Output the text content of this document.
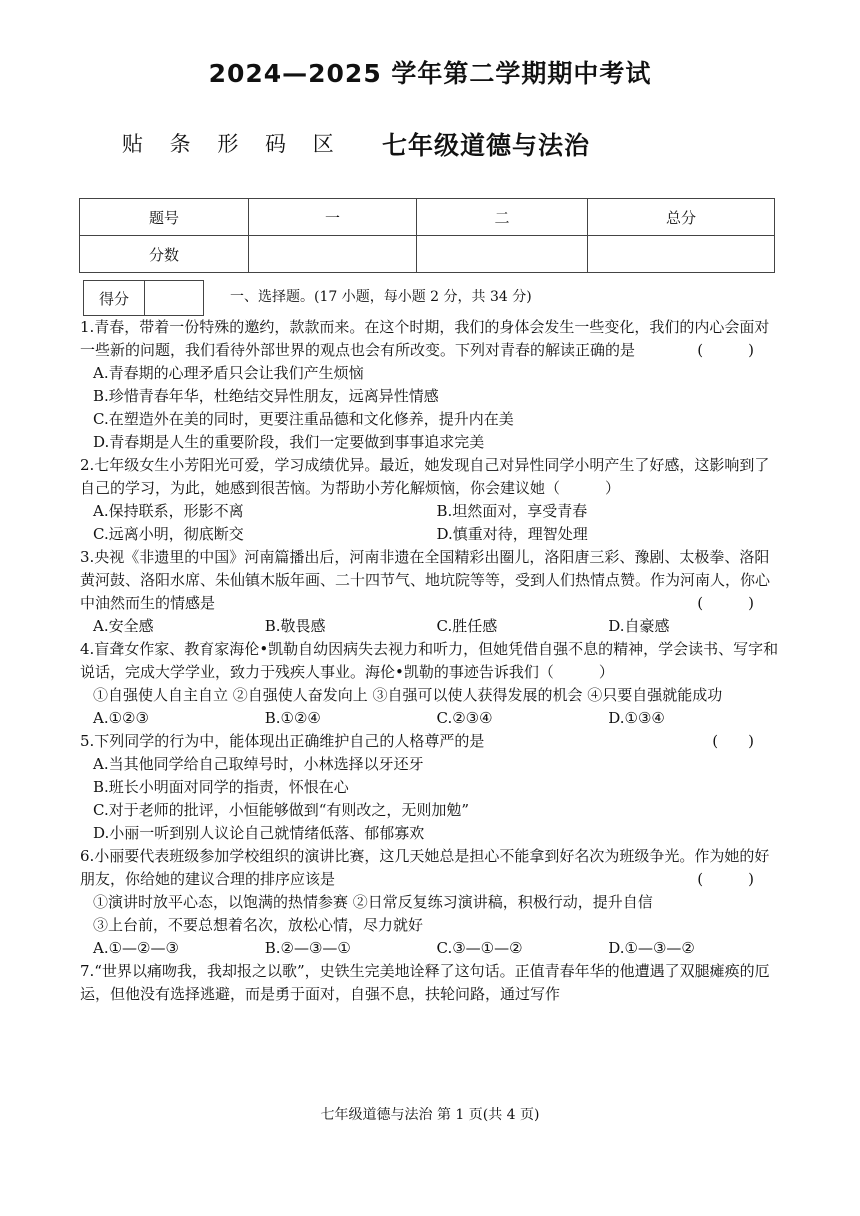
2024—2025 学年第二学期期中考试
贴 条 形 码 区 七年级道德与法治
题号	一	二	总分
分数			
得分		一、选择题。(17 小题，每小题 2 分，共 34 分)
1.青春，带着一份特殊的邀约，款款而来。在这个时期，我们的身体会发生一些变化，我们的内心会面对一些新的问题，我们看待外部世界的观点也会有所改变。下列对青春的解读正确的是	(　　　)
A.青春期的心理矛盾只会让我们产生烦恼
B.珍惜青春年华，杜绝结交异性朋友，远离异性情感
C.在塑造外在美的同时，更要注重品德和文化修养，提升内在美
D.青春期是人生的重要阶段，我们一定要做到事事追求完美
2.七年级女生小芳阳光可爱，学习成绩优异。最近，她发现自己对异性同学小明产生了好感，这影响到了自己的学习，为此，她感到很苦恼。为帮助小芳化解烦恼，你会建议她（　　　）
A.保持联系，形影不离	B.坦然面对，享受青春
C.远离小明，彻底断交	D.慎重对待，理智处理
3.央视《非遗里的中国》河南篇播出后，河南非遗在全国精彩出圈儿，洛阳唐三彩、豫剧、太极拳、洛阳黄河鼓、洛阳水席、朱仙镇木版年画、二十四节气、地坑院等等，受到人们热情点赞。作为河南人，你心中油然而生的情感是	(　　　)
A.安全感	B.敬畏感	C.胜任感	D.自豪感
4.盲聋女作家、教育家海伦•凯勒自幼因病失去视力和听力，但她凭借自强不息的精神，学会读书、写字和说话，完成大学学业，致力于残疾人事业。海伦•凯勒的事迹告诉我们（　　　）
①自强使人自主自立 ②自强使人奋发向上 ③自强可以使人获得发展的机会 ④只要自强就能成功
A.①②③	B.①②④	C.②③④	D.①③④
5.下列同学的行为中，能体现出正确维护自己的人格尊严的是	(　　)
A.当其他同学给自己取绰号时，小林选择以牙还牙
B.班长小明面对同学的指责，怀恨在心
C.对于老师的批评，小恒能够做到“有则改之，无则加勉”
D.小丽一听到别人议论自己就情绪低落、郁郁寡欢
6.小丽要代表班级参加学校组织的演讲比赛，这几天她总是担心不能拿到好名次为班级争光。作为她的好朋友，你给她的建议合理的排序应该是	(　　　)
①演讲时放平心态，以饱满的热情参赛 ②日常反复练习演讲稿，积极行动，提升自信
③上台前，不要总想着名次，放松心情，尽力就好
A.①—②—③	B.②—③—①	C.③—①—②	D.①—③—②
7.“世界以痛吻我，我却报之以歌”，史铁生完美地诠释了这句话。正值青春年华的他遭遇了双腿瘫痪的厄运，但他没有选择逃避，而是勇于面对，自强不息，扶轮问路，通过写作
七年级道德与法治 第 1 页(共 4 页)
